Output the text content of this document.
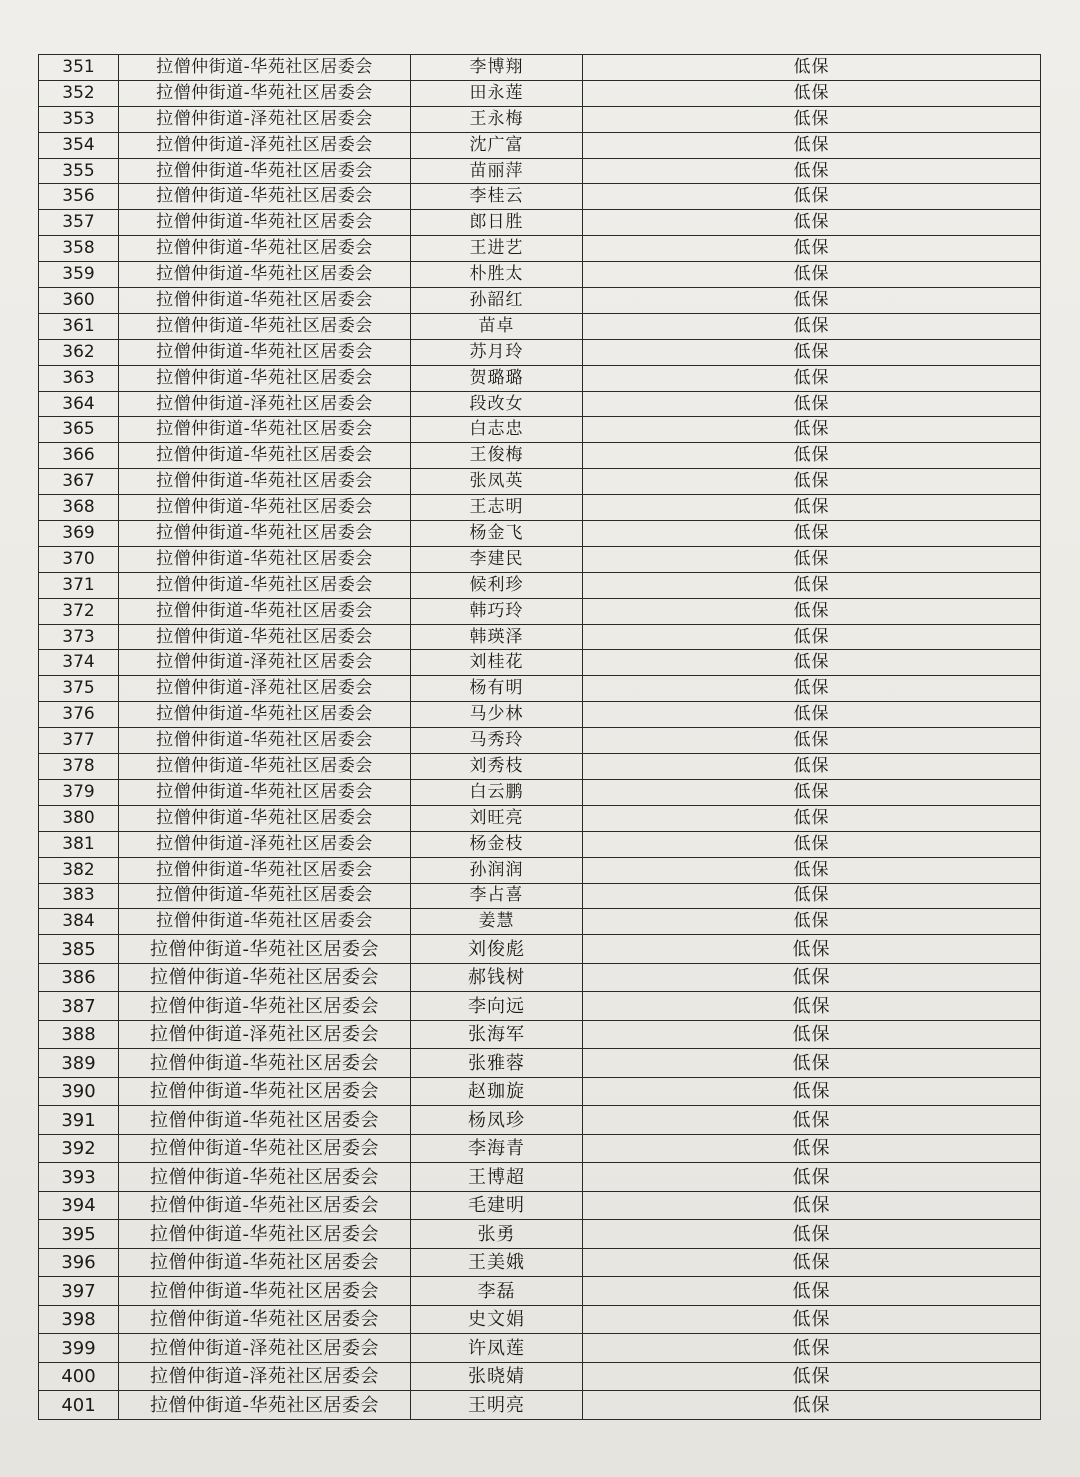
351	拉僧仲街道-华苑社区居委会	李博翔	低保
352	拉僧仲街道-华苑社区居委会	田永莲	低保
353	拉僧仲街道-泽苑社区居委会	王永梅	低保
354	拉僧仲街道-泽苑社区居委会	沈广富	低保
355	拉僧仲街道-华苑社区居委会	苗丽萍	低保
356	拉僧仲街道-华苑社区居委会	李桂云	低保
357	拉僧仲街道-华苑社区居委会	郎日胜	低保
358	拉僧仲街道-华苑社区居委会	王进艺	低保
359	拉僧仲街道-华苑社区居委会	朴胜太	低保
360	拉僧仲街道-华苑社区居委会	孙韶红	低保
361	拉僧仲街道-华苑社区居委会	苗卓	低保
362	拉僧仲街道-华苑社区居委会	苏月玲	低保
363	拉僧仲街道-华苑社区居委会	贺璐璐	低保
364	拉僧仲街道-泽苑社区居委会	段改女	低保
365	拉僧仲街道-华苑社区居委会	白志忠	低保
366	拉僧仲街道-华苑社区居委会	王俊梅	低保
367	拉僧仲街道-华苑社区居委会	张凤英	低保
368	拉僧仲街道-华苑社区居委会	王志明	低保
369	拉僧仲街道-华苑社区居委会	杨金飞	低保
370	拉僧仲街道-华苑社区居委会	李建民	低保
371	拉僧仲街道-华苑社区居委会	候利珍	低保
372	拉僧仲街道-华苑社区居委会	韩巧玲	低保
373	拉僧仲街道-华苑社区居委会	韩瑛泽	低保
374	拉僧仲街道-泽苑社区居委会	刘桂花	低保
375	拉僧仲街道-泽苑社区居委会	杨有明	低保
376	拉僧仲街道-华苑社区居委会	马少林	低保
377	拉僧仲街道-华苑社区居委会	马秀玲	低保
378	拉僧仲街道-华苑社区居委会	刘秀枝	低保
379	拉僧仲街道-华苑社区居委会	白云鹏	低保
380	拉僧仲街道-华苑社区居委会	刘旺亮	低保
381	拉僧仲街道-泽苑社区居委会	杨金枝	低保
382	拉僧仲街道-华苑社区居委会	孙润润	低保
383	拉僧仲街道-华苑社区居委会	李占喜	低保
384	拉僧仲街道-华苑社区居委会	姜慧	低保
385	拉僧仲街道-华苑社区居委会	刘俊彪	低保
386	拉僧仲街道-华苑社区居委会	郝钱树	低保
387	拉僧仲街道-华苑社区居委会	李向远	低保
388	拉僧仲街道-泽苑社区居委会	张海军	低保
389	拉僧仲街道-华苑社区居委会	张雅蓉	低保
390	拉僧仲街道-华苑社区居委会	赵珈旋	低保
391	拉僧仲街道-华苑社区居委会	杨凤珍	低保
392	拉僧仲街道-华苑社区居委会	李海青	低保
393	拉僧仲街道-华苑社区居委会	王博超	低保
394	拉僧仲街道-华苑社区居委会	毛建明	低保
395	拉僧仲街道-华苑社区居委会	张勇	低保
396	拉僧仲街道-华苑社区居委会	王美娥	低保
397	拉僧仲街道-华苑社区居委会	李磊	低保
398	拉僧仲街道-华苑社区居委会	史文娟	低保
399	拉僧仲街道-泽苑社区居委会	许凤莲	低保
400	拉僧仲街道-泽苑社区居委会	张晓婧	低保
401	拉僧仲街道-华苑社区居委会	王明亮	低保
